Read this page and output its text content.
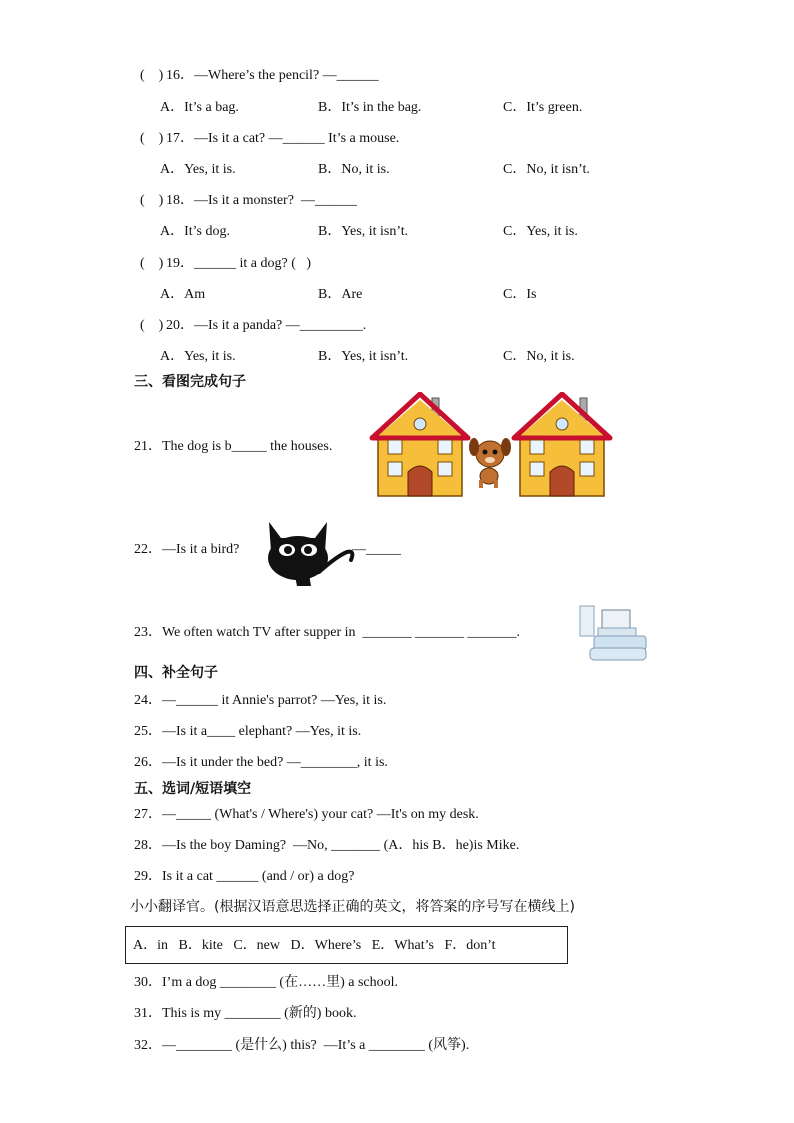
(    ) 16．—Where’s the pencil? —______
A．It’s a bag.	B．It’s in the bag.	C．It’s green.
(    ) 17．—Is it a cat? —______ It’s a mouse.
A．Yes, it is.	B．No, it is.	C．No, it isn’t.
(    ) 18．—Is it a monster?  —______
A．It’s dog.	B．Yes, it isn’t.	C．Yes, it is.
(    ) 19．______ it a dog? (   )
A．Am	B．Are	C．Is
(    ) 20．—Is it a panda? —_________.
A．Yes, it is.	B．Yes, it isn’t.	C．No, it is.
三、看图完成句子
21．The dog is b_____ the houses.
22．—Is it a bird?	—_____
23．We often watch TV after supper in  _______ _______ _______.
四、补全句子
24．—______ it Annie's parrot? —Yes, it is.
25．—Is it a____ elephant? —Yes, it is.
26．—Is it under the bed? —________, it is.
五、选词/短语填空
27．—_____ (What's / Where's) your cat? —It's on my desk.
28．—Is the boy Daming?  —No, _______ (A．his B．he)is Mike.
29．Is it a cat ______ (and / or) a dog?
小小翻译官。(根据汉语意思选择正确的英文，将答案的序号写在横线上)
A．in   B．kite   C．new   D．Where’s   E．What’s   F．don’t
30．I’m a dog ________ (在……里) a school.
31．This is my ________ (新的) book.
32．—________ (是什么) this?  —It’s a ________ (风筝).
